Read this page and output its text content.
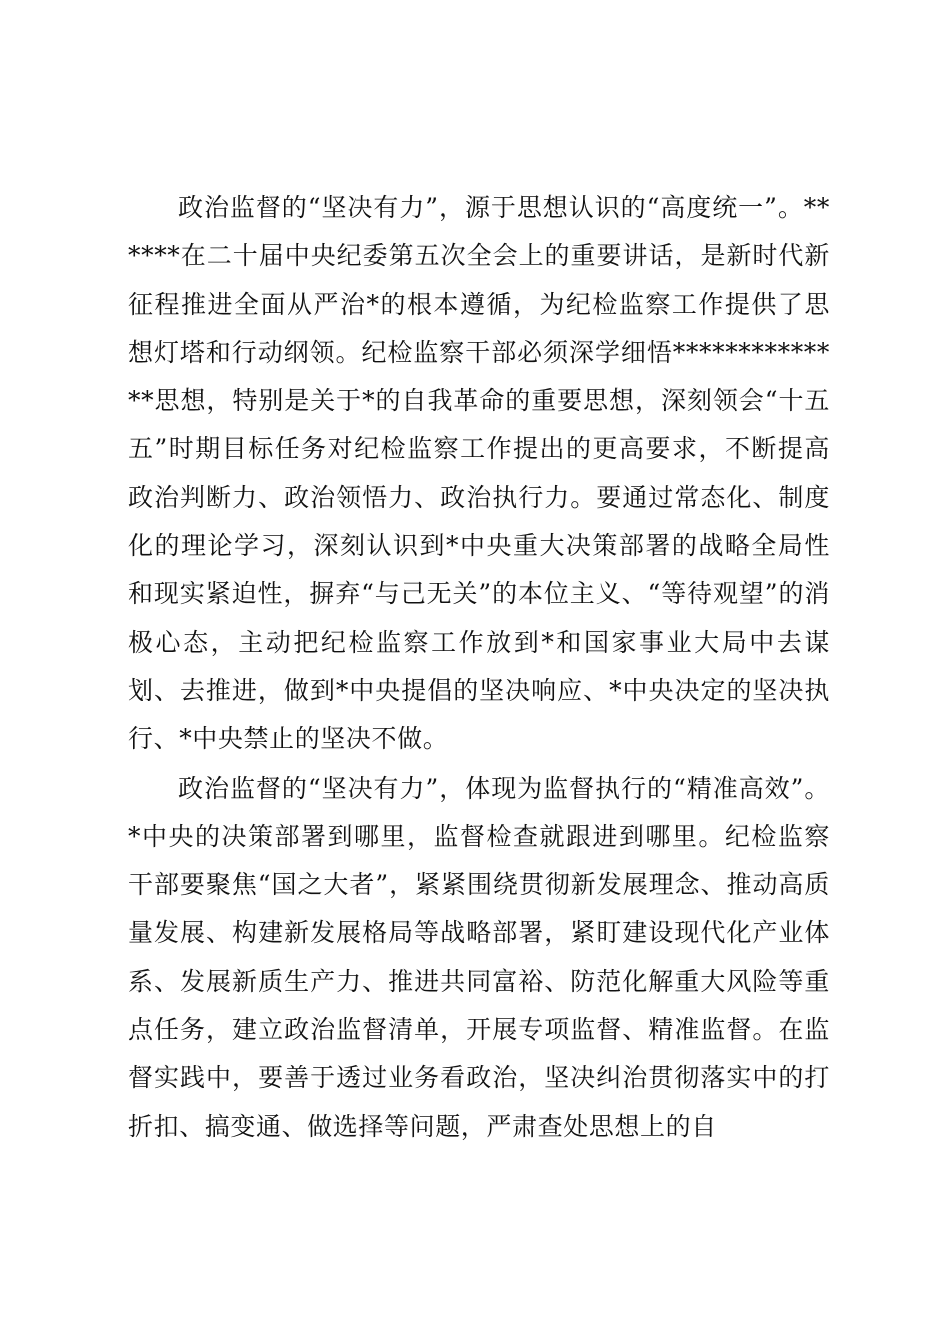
政治监督的“坚决有力”，源于思想认识的“高度统一”。******在二十届中央纪委第五次全会上的重要讲话，是新时代新征程推进全面从严治*的根本遵循，为纪检监察工作提供了思想灯塔和行动纲领。纪检监察干部必须深学细悟**************思想，特别是关于*的自我革命的重要思想，深刻领会“十五五”时期目标任务对纪检监察工作提出的更高要求，不断提高政治判断力、政治领悟力、政治执行力。要通过常态化、制度化的理论学习，深刻认识到*中央重大决策部署的战略全局性和现实紧迫性，摒弃“与己无关”的本位主义、“等待观望”的消极心态，主动把纪检监察工作放到*和国家事业大局中去谋划、去推进，做到*中央提倡的坚决响应、*中央决定的坚决执行、*中央禁止的坚决不做。

政治监督的“坚决有力”，体现为监督执行的“精准高效”。*中央的决策部署到哪里，监督检查就跟进到哪里。纪检监察干部要聚焦“国之大者”，紧紧围绕贯彻新发展理念、推动高质量发展、构建新发展格局等战略部署，紧盯建设现代化产业体系、发展新质生产力、推进共同富裕、防范化解重大风险等重点任务，建立政治监督清单，开展专项监督、精准监督。在监督实践中，要善于透过业务看政治，坚决纠治贯彻落实中的打折扣、搞变通、做选择等问题，严肃查处思想上的自
